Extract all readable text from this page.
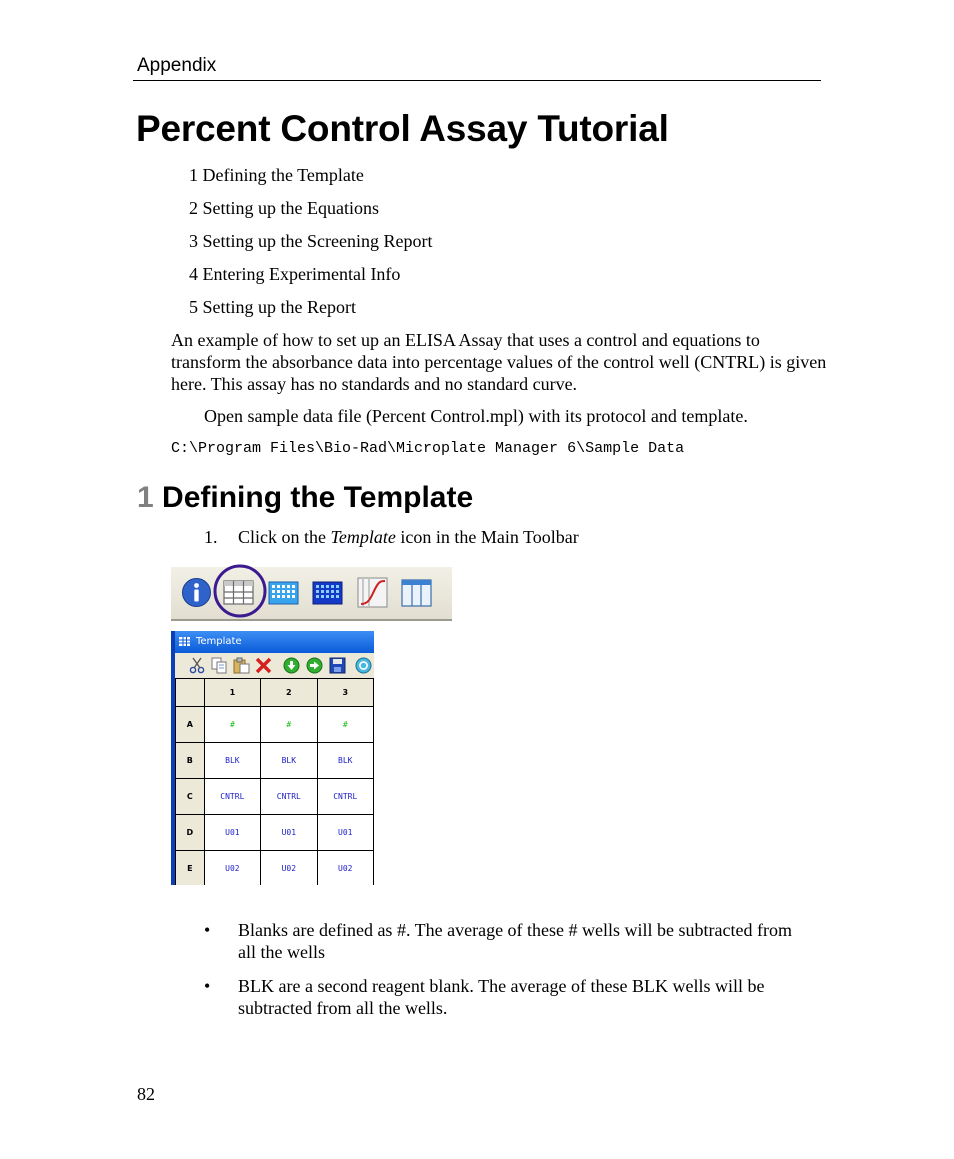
Appendix
Percent Control Assay Tutorial
1 Defining the Template
2 Setting up the Equations
3 Setting up the Screening Report
4 Entering Experimental Info
5 Setting up the Report
An example of how to set up an ELISA Assay that uses a control and equations to transform the absorbance data into percentage values of the control well (CNTRL) is given here. This assay has no standards and no standard curve.
Open sample data file (Percent Control.mpl) with its protocol and template.
C:\Program Files\Bio-Rad\Microplate Manager 6\Sample Data
1 Defining the Template
1. Click on the Template icon in the Main Toolbar
Template
	1	2	3
A	#	#	#
B	BLK	BLK	BLK
C	CNTRL	CNTRL	CNTRL
D	U01	U01	U01
E	U02	U02	U02
• Blanks are defined as #. The average of these # wells will be subtracted from all the wells
• BLK are a second reagent blank. The average of these BLK wells will be subtracted from all the wells.
82
